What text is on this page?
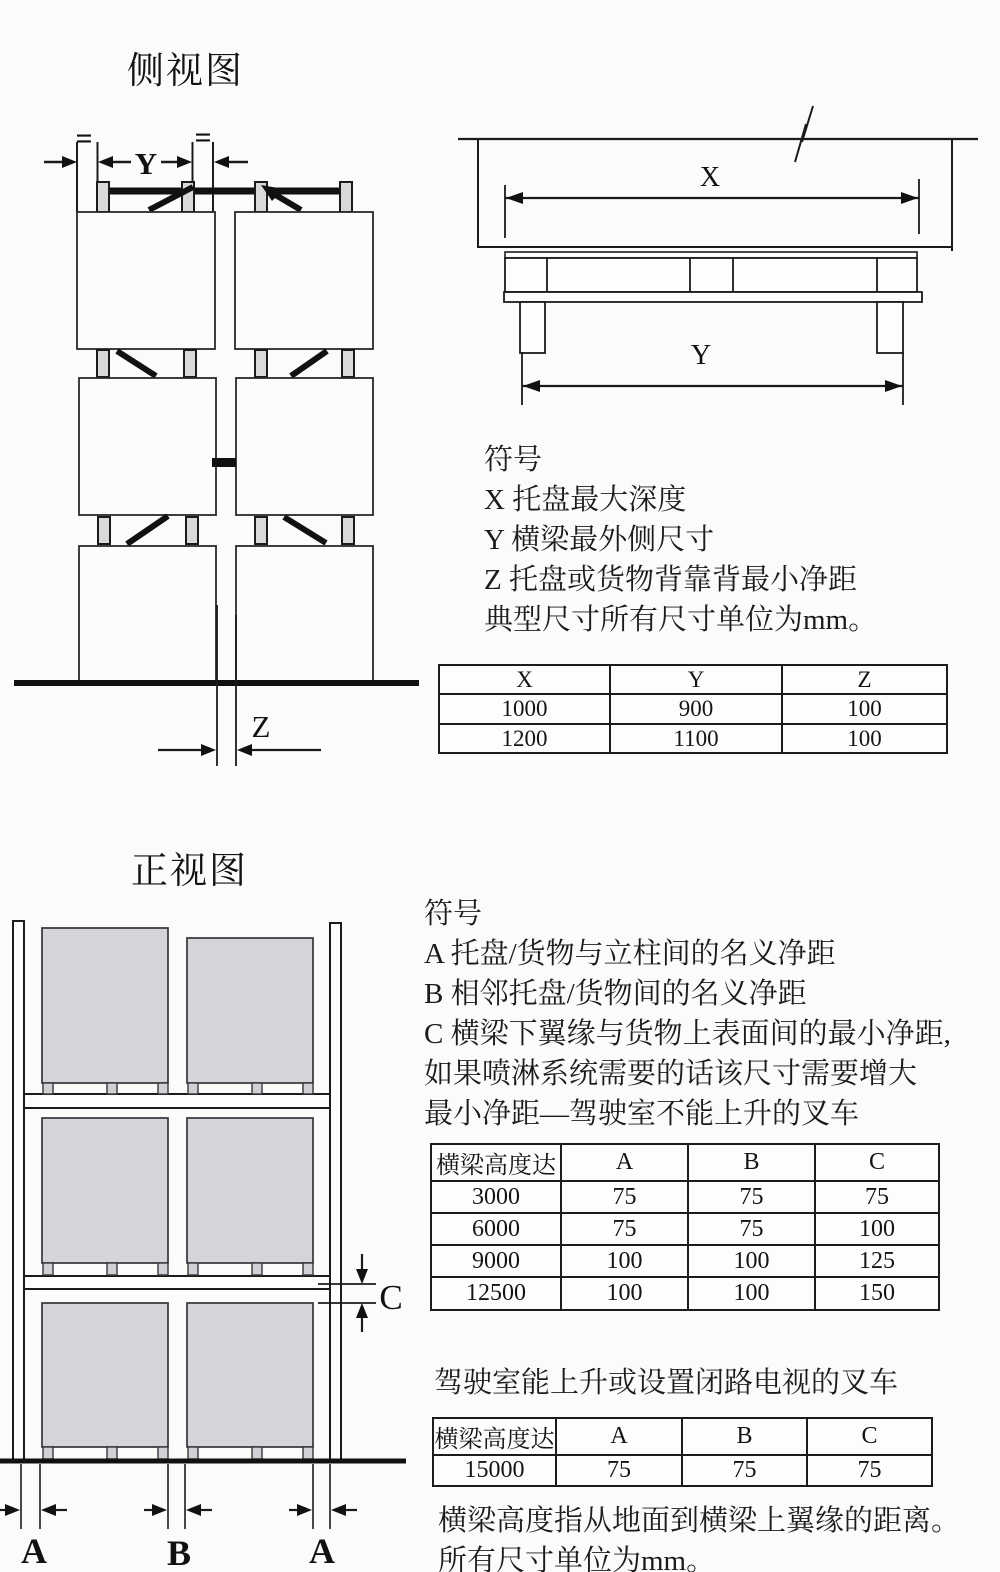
侧视图
=	=
Y
Z
X
Y
符号
X 托盘最大深度
Y 横梁最外侧尺寸
Z 托盘或货物背靠背最小净距
典型尺寸所有尺寸单位为mm。
X	Y	Z
1000	900	100
1200	1100	100
正视图
C
A	B	A
符号
A 托盘/货物与立柱间的名义净距
B 相邻托盘/货物间的名义净距
C 横梁下翼缘与货物上表面间的最小净距,
如果喷淋系统需要的话该尺寸需要增大
最小净距—驾驶室不能上升的叉车
横梁高度达	A	B	C
3000	75	75	75
6000	75	75	100
9000	100	100	125
12500	100	100	150
驾驶室能上升或设置闭路电视的叉车
横梁高度达	A	B	C
15000	75	75	75
横梁高度指从地面到横梁上翼缘的距离。
所有尺寸单位为mm。
